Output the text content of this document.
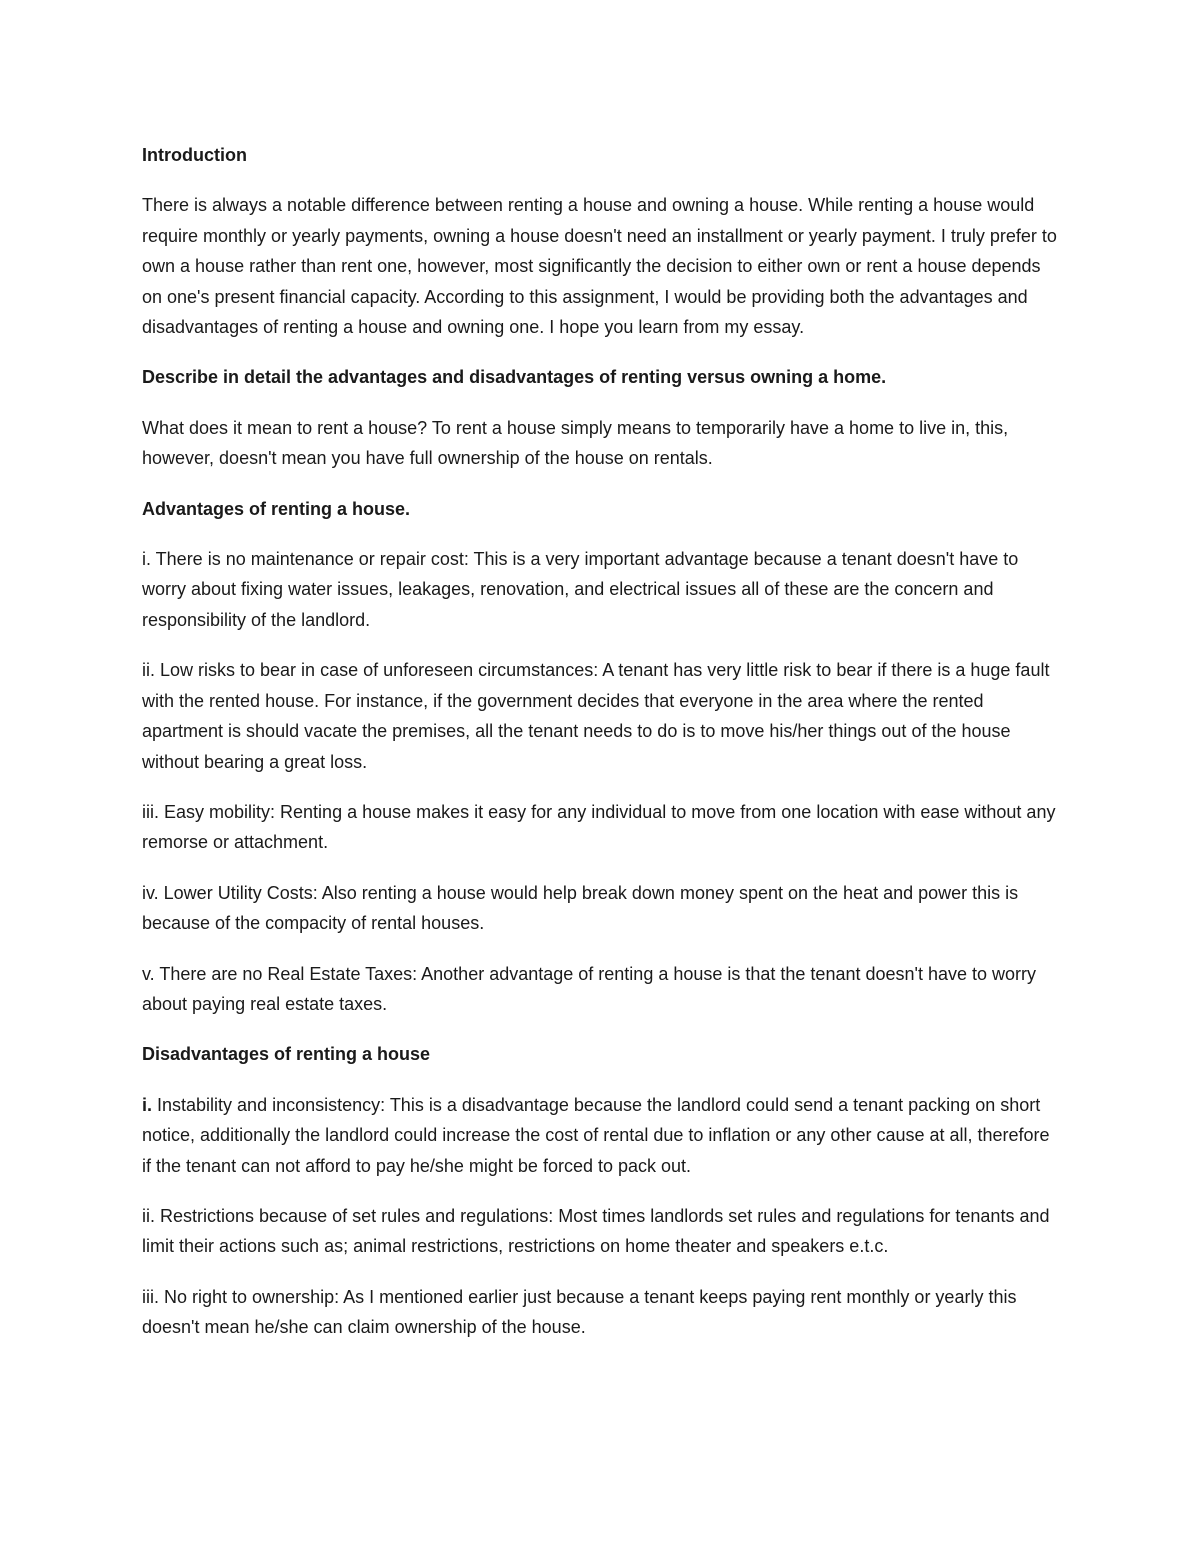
Introduction

There is always a notable difference between renting a house and owning a house. While renting a house would require monthly or yearly payments, owning a house doesn't need an installment or yearly payment. I truly prefer to own a house rather than rent one, however, most significantly the decision to either own or rent a house depends on one's present financial capacity. According to this assignment, I would be providing both the advantages and disadvantages of renting a house and owning one. I hope you learn from my essay.

Describe in detail the advantages and disadvantages of renting versus owning a home.

What does it mean to rent a house? To rent a house simply means to temporarily have a home to live in, this, however, doesn't mean you have full ownership of the house on rentals.

Advantages of renting a house.

i. There is no maintenance or repair cost: This is a very important advantage because a tenant doesn't have to worry about fixing water issues, leakages, renovation, and electrical issues all of these are the concern and responsibility of the landlord.

ii. Low risks to bear in case of unforeseen circumstances: A tenant has very little risk to bear if there is a huge fault with the rented house. For instance, if the government decides that everyone in the area where the rented apartment is should vacate the premises, all the tenant needs to do is to move his/her things out of the house without bearing a great loss.

iii. Easy mobility: Renting a house makes it easy for any individual to move from one location with ease without any remorse or attachment.

iv. Lower Utility Costs: Also renting a house would help break down money spent on the heat and power this is because of the compacity of rental houses.

v. There are no Real Estate Taxes: Another advantage of renting a house is that the tenant doesn't have to worry about paying real estate taxes.

Disadvantages of renting a house

i. Instability and inconsistency: This is a disadvantage because the landlord could send a tenant packing on short notice, additionally the landlord could increase the cost of rental due to inflation or any other cause at all, therefore if the tenant can not afford to pay he/she might be forced to pack out.

ii. Restrictions because of set rules and regulations: Most times landlords set rules and regulations for tenants and limit their actions such as; animal restrictions, restrictions on home theater and speakers e.t.c.

iii. No right to ownership: As I mentioned earlier just because a tenant keeps paying rent monthly or yearly this doesn't mean he/she can claim ownership of the house.
